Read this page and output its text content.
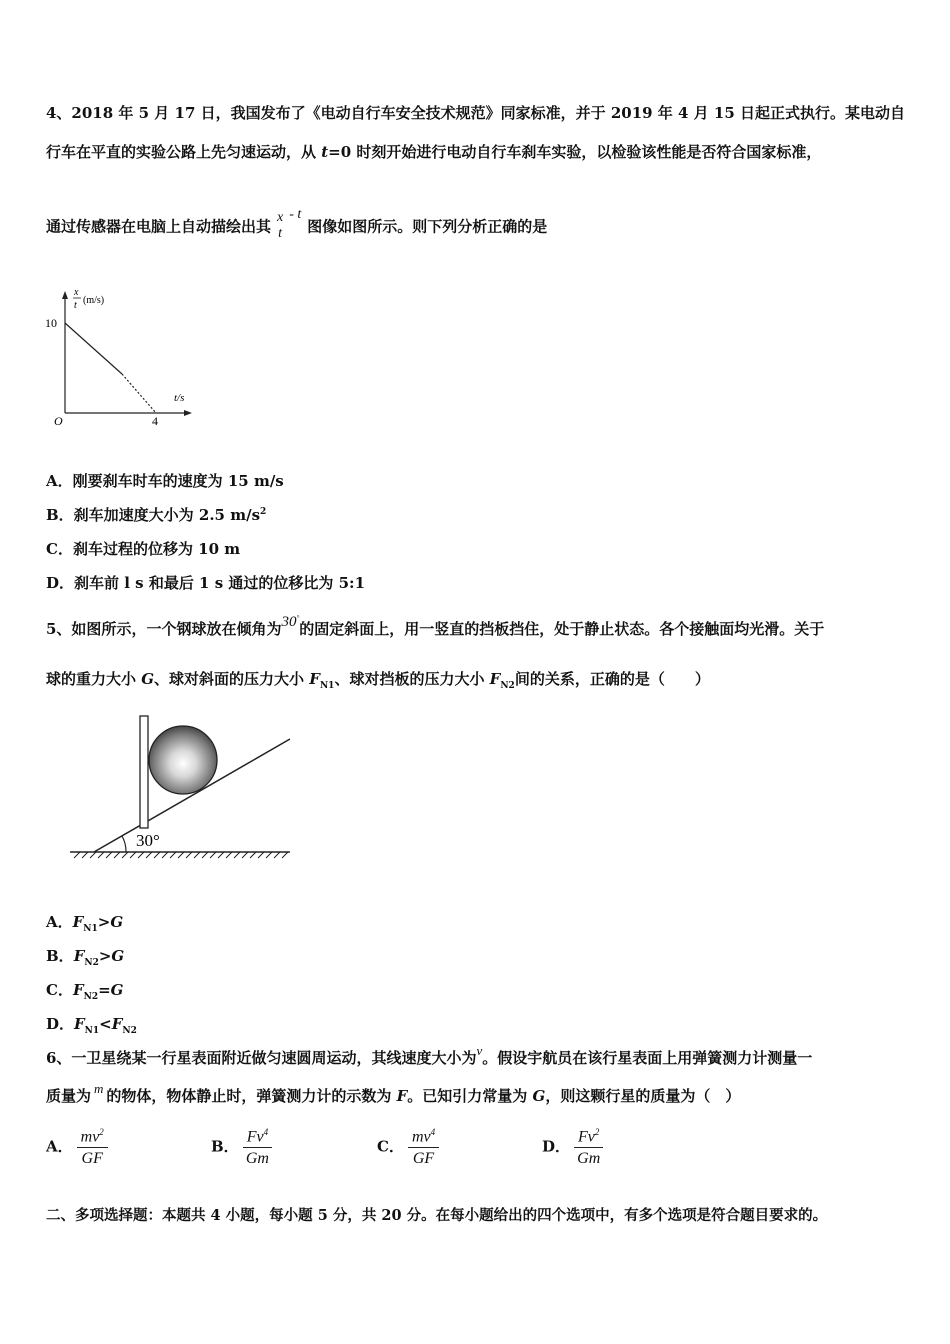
4、2018 年 5 月 17 日，我国发布了《电动自行车安全技术规范》同家标准，并于 2019 年 4 月 15 日起正式执行。某电动自
行车在平直的实验公路上先匀速运动，从 t=0 时刻开始进行电动自行车刹车实验，以检验该性能是否符合国家标准，
通过传感器在电脑上自动描绘出其 x
t
- t图像如图所示。则下列分析正确的是
x
t (m/s)
10
t/s
O	4
A．刚要刹车时车的速度为 15 m/s
B．刹车加速度大小为 2.5 $m/s^2$
C．刹车过程的位移为 10 m
D．刹车前 l s 和最后 1 s 通过的位移比为 5:1
5、如图所示，一个钢球放在倾角为30°的固定斜面上，用一竖直的挡板挡住，处于静止状态。各个接触面均光滑。关于
球的重力大小 G、球对斜面的压力大小 $F_{N1}$、球对挡板的压力大小 $F_{N2}$间的关系，正确的是（　　）
30°
A．$F_{N1}>G$
B．$F_{N2}>G$
C．$F_{N2}=G$
D．$F_{N1}<F_{N2}$
6、一卫星绕某一行星表面附近做匀速圆周运动，其线速度大小为v。假设宇航员在该行星表面上用弹簧测力计测量一
质量为 m 的物体，物体静止时，弹簧测力计的示数为 F。已知引力常量为 G，则这颗行星的质量为（　）
A． $\frac{mv^2}{GF}$	B． $\frac{Fv^4}{Gm}$	C． $\frac{mv^4}{GF}$	D． $\frac{Fv^2}{Gm}$
二、多项选择题：本题共 4 小题，每小题 5 分，共 20 分。在每小题给出的四个选项中，有多个选项是符合题目要求的。
